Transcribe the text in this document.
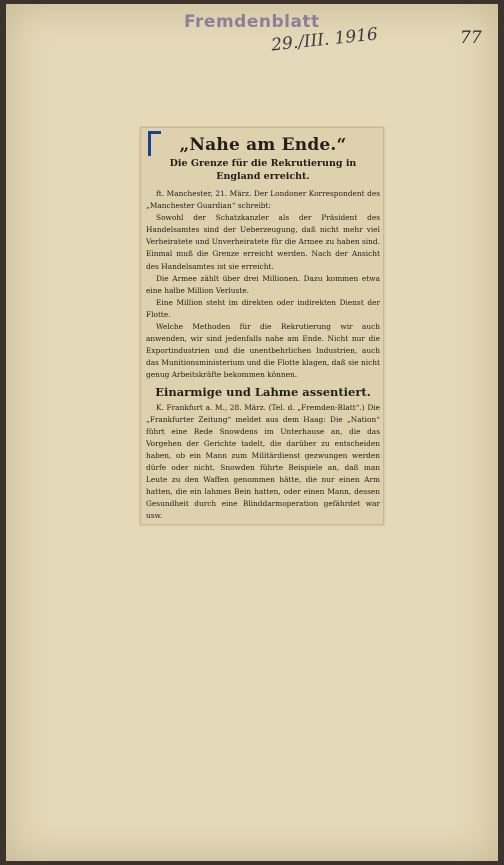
Fremdenblatt
29./III. 1916	77
„Nahe am Ende.“
Die Grenze für die Rekrutierung in England erreicht.

ft. Manchester, 21. März. Der Londoner Korrespondent des „Manchester Guardian“ schreibt:

Sowohl der Schatzkanzler als der Präsident des Handelsamtes sind der Ueberzeugung, daß nicht mehr viel Verheiratete und Unverheiratete für die Armee zu haben sind. Einmal muß die Grenze erreicht werden. Nach der Ansicht des Handelsamtes ist sie erreicht.

Die Armee zählt über drei Millionen. Dazu kommen etwa eine halbe Million Verluste.

Eine Million steht im direkten oder indirekten Dienst der Flotte.

Welche Methoden für die Rekrutierung wir auch anwenden, wir sind jedenfalls nahe am Ende. Nicht nur die Exportindustrien und die unentbehrlichen Industrien, auch das Munitionsministerium und die Flotte klagen, daß sie nicht genug Arbeitskräfte bekommen können.

Einarmige und Lahme assentiert.

K. Frankfurt a. M., 28. März. (Tel. d. „Fremden-Blatt“.) Die „Frankfurter Zeitung“ meldet aus dem Haag: Die „Nation“ führt eine Rede Snowdens im Unterhause an, die das Vorgehen der Gerichte tadelt, die darüber zu entscheiden haben, ob ein Mann zum Militärdienst gezwungen werden dürfe oder nicht. Snowden führte Beispiele an, daß man Leute zu den Waffen genommen hätte, die nur einen Arm hatten, die ein lahmes Bein hatten, oder einen Mann, dessen Gesundheit durch eine Blinddarmoperation gefährdet war usw.
